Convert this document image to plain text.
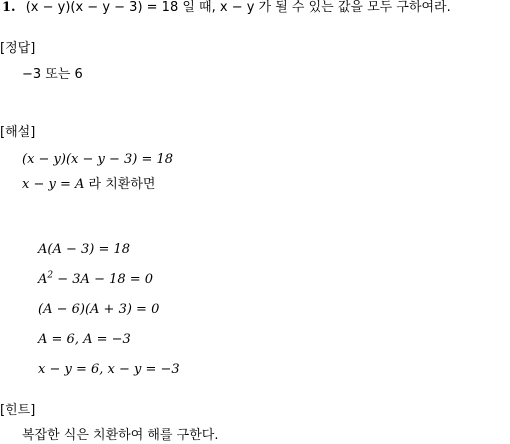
1. (x − y)(x − y − 3) = 18 일 때, x − y 가 될 수 있는 값을 모두 구하여라.
[정답]
−3 또는 6
[해설]
(x − y)(x − y − 3) = 18
x − y = A 라 치환하면
A(A − 3) = 18
$A^2 - 3A - 18 = 0$
(A − 6)(A + 3) = 0
A = 6, A = −3
x − y = 6, x − y = −3
[힌트]
복잡한 식은 치환하여 해를 구한다.
